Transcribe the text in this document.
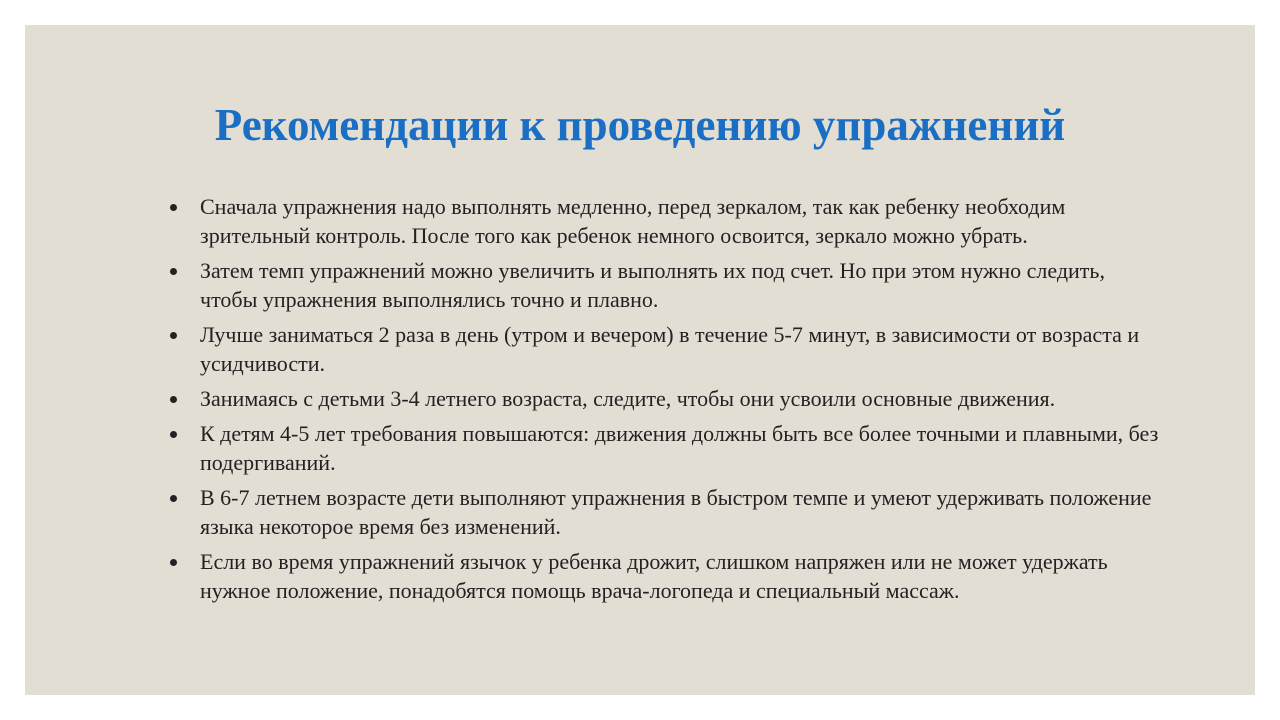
Рекомендации к проведению упражнений
Сначала упражнения надо выполнять медленно, перед зеркалом, так как ребенку необходим зрительный контроль. После того как ребенок немного освоится, зеркало можно убрать.
Затем темп упражнений можно увеличить и выполнять их под счет. Но при этом нужно следить, чтобы упражнения выполнялись точно и плавно.
Лучше заниматься 2 раза в день (утром и вечером) в течение 5-7 минут, в зависимости от возраста и усидчивости.
Занимаясь с детьми 3-4 летнего возраста, следите, чтобы они усвоили основные движения.
К детям 4-5 лет требования повышаются: движения должны быть все более точными и плавными, без подергиваний.
В 6-7 летнем возрасте дети выполняют упражнения в быстром темпе и умеют удерживать положение языка некоторое время без изменений.
Если во время упражнений язычок у ребенка дрожит, слишком напряжен или не может удержать нужное положение, понадобятся помощь врача-логопеда и специальный массаж.
